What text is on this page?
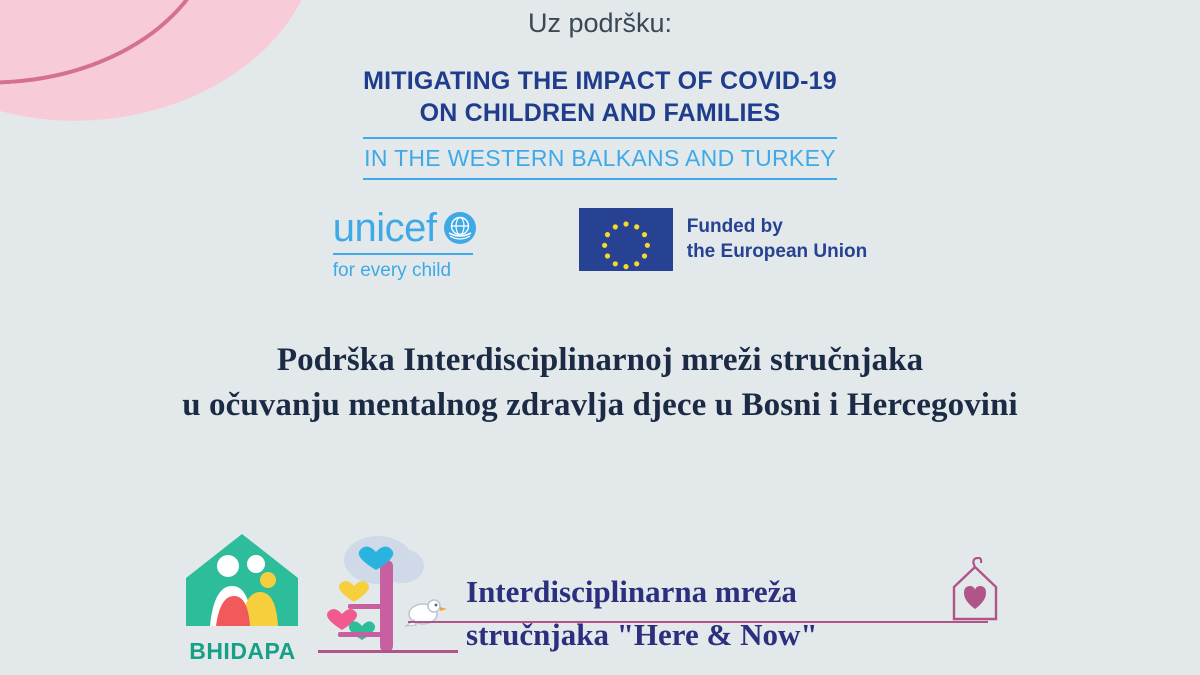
Uz podršku:
MITIGATING THE IMPACT OF COVID-19
ON CHILDREN AND FAMILIES
IN THE WESTERN BALKANS AND TURKEY
unicef
for every child
Funded by
the European Union
Podrška Interdisciplinarnoj mreži stručnjaka
u očuvanju mentalnog zdravlja djece u Bosni i Hercegovini
BHIDAPA
Interdisciplinarna mreža
stručnjaka "Here & Now"
